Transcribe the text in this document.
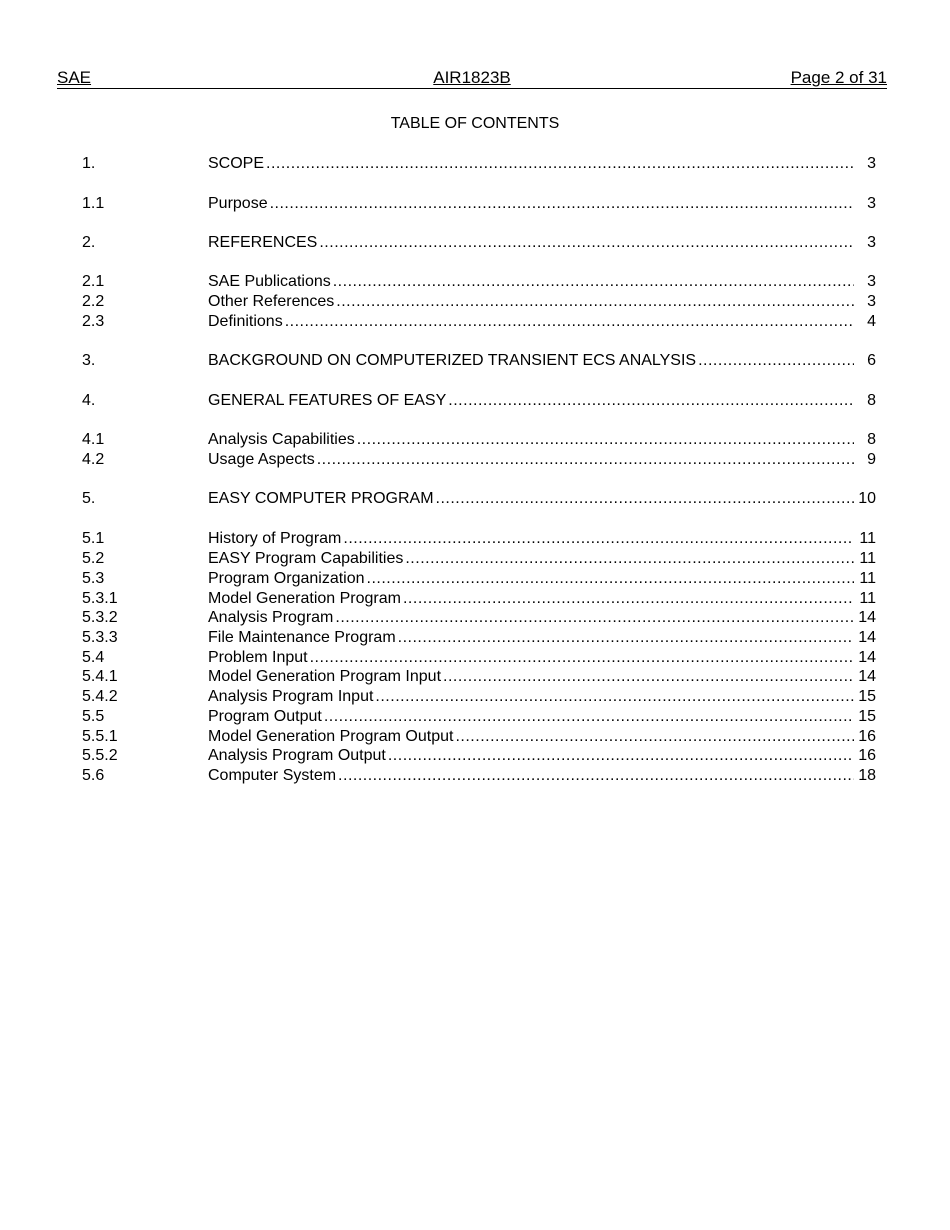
AIR1823B
SAE	Page 2 of 31
TABLE OF CONTENTS
1.	SCOPE .....	3
1.1	Purpose .....	3
2.	REFERENCES .....	3
2.1	SAE Publications .....	3
2.2	Other References .....	3
2.3	Definitions .....	4
3.	BACKGROUND ON COMPUTERIZED TRANSIENT ECS ANALYSIS .....	6
4.	GENERAL FEATURES OF EASY .....	8
4.1	Analysis Capabilities .....	8
4.2	Usage Aspects .....	9
5.	EASY COMPUTER PROGRAM .....	10
5.1	History of Program .....	11
5.2	EASY Program Capabilities .....	11
5.3	Program Organization .....	11
5.3.1	Model Generation Program .....	11
5.3.2	Analysis Program .....	14
5.3.3	File Maintenance Program .....	14
5.4	Problem Input .....	14
5.4.1	Model Generation Program Input .....	14
5.4.2	Analysis Program Input .....	15
5.5	Program Output .....	15
5.5.1	Model Generation Program Output .....	16
5.5.2	Analysis Program Output .....	16
5.6	Computer System .....	18
